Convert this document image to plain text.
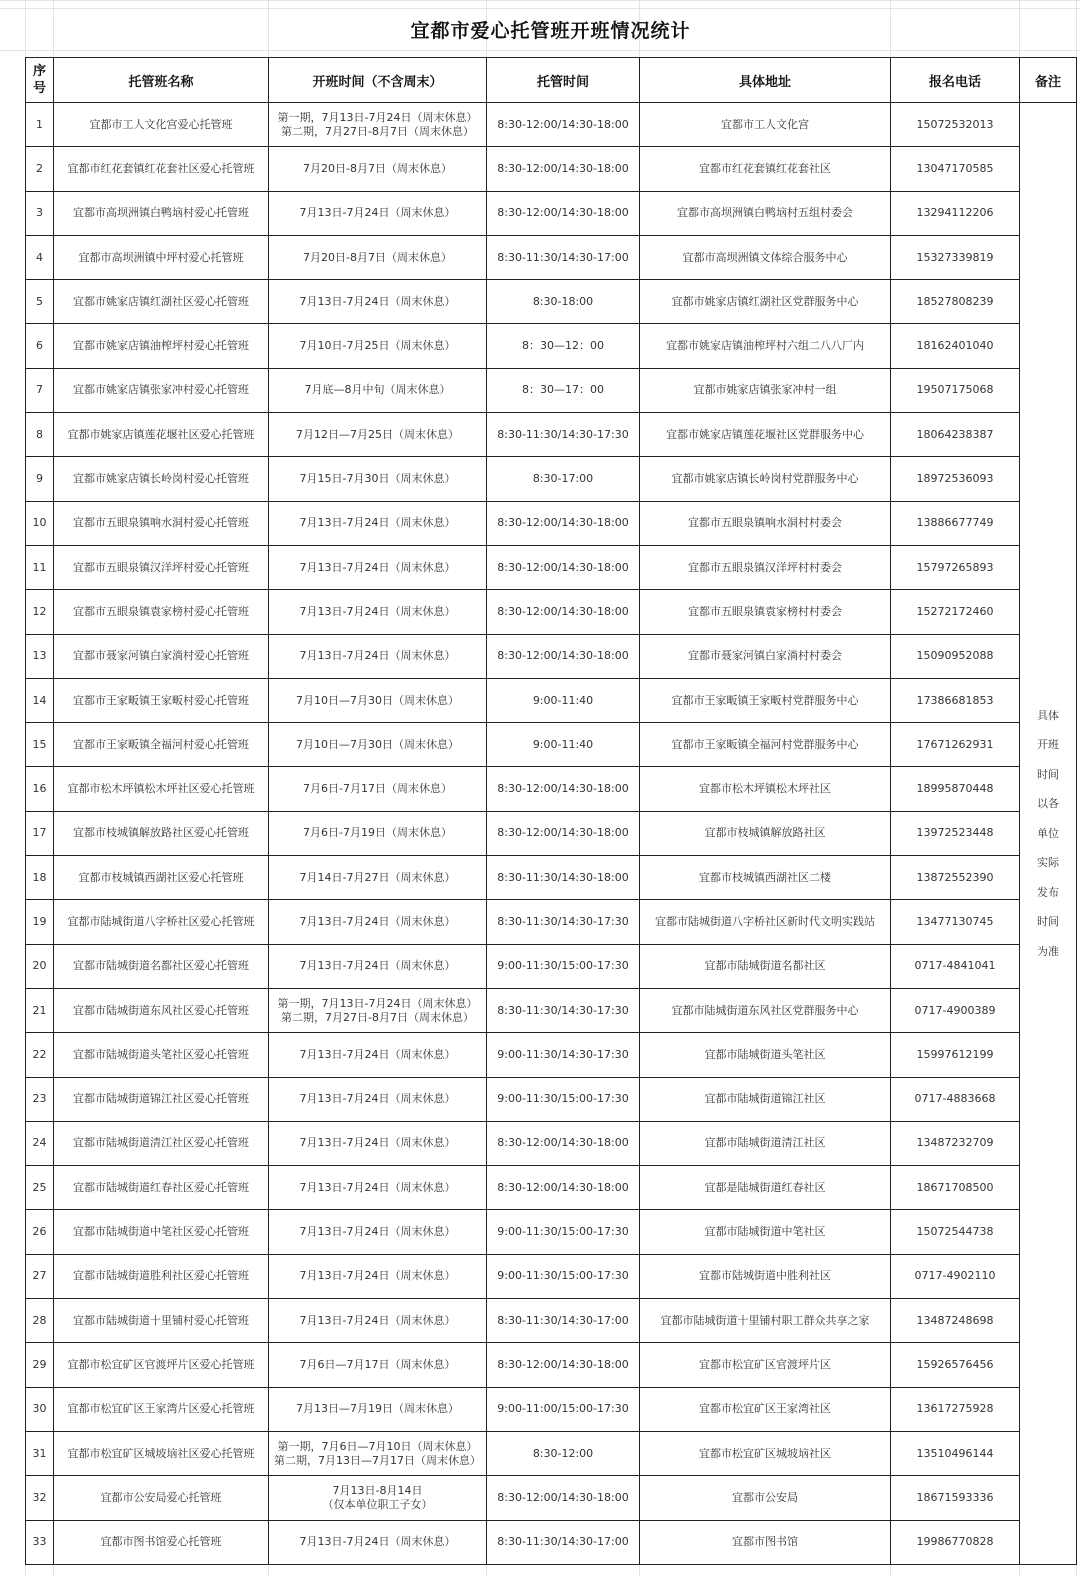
宜都市爱心托管班开班情况统计
序号	托管班名称	开班时间（不含周末）	托管时间	具体地址	报名电话	备注
1	宜都市工人文化宫爱心托管班	第一期，7月13日-7月24日（周末休息）
第二期，7月27日-8月7日（周末休息）	8:30-12:00/14:30-18:00	宜都市工人文化宫	15072532013	具体开班时间以各单位实际发布时间为准
2	宜都市红花套镇红花套社区爱心托管班	7月20日-8月7日（周末休息）	8:30-12:00/14:30-18:00	宜都市红花套镇红花套社区	13047170585	
3	宜都市高坝洲镇白鸭垴村爱心托管班	7月13日-7月24日（周末休息）	8:30-12:00/14:30-18:00	宜都市高坝洲镇白鸭垴村五组村委会	13294112206	
4	宜都市高坝洲镇中坪村爱心托管班	7月20日-8月7日（周末休息）	8:30-11:30/14:30-17:00	宜都市高坝洲镇文体综合服务中心	15327339819	
5	宜都市姚家店镇红湖社区爱心托管班	7月13日-7月24日（周末休息）	8:30-18:00	宜都市姚家店镇红湖社区党群服务中心	18527808239	
6	宜都市姚家店镇油榨坪村爱心托管班	7月10日-7月25日（周末休息）	8：30—12：00	宜都市姚家店镇油榨坪村六组二八八厂内	18162401040	
7	宜都市姚家店镇张家冲村爱心托管班	7月底—8月中旬（周末休息）	8：30—17：00	宜都市姚家店镇张家冲村一组	19507175068	
8	宜都市姚家店镇莲花堰社区爱心托管班	7月12日—7月25日（周末休息）	8:30-11:30/14:30-17:30	宜都市姚家店镇莲花堰社区党群服务中心	18064238387	
9	宜都市姚家店镇长岭岗村爱心托管班	7月15日-7月30日（周末休息）	8:30-17:00	宜都市姚家店镇长岭岗村党群服务中心	18972536093	
10	宜都市五眼泉镇响水洞村爱心托管班	7月13日-7月24日（周末休息）	8:30-12:00/14:30-18:00	宜都市五眼泉镇响水洞村村委会	13886677749	
11	宜都市五眼泉镇汉洋坪村爱心托管班	7月13日-7月24日（周末休息）	8:30-12:00/14:30-18:00	宜都市五眼泉镇汉洋坪村村委会	15797265893	
12	宜都市五眼泉镇袁家榜村爱心托管班	7月13日-7月24日（周末休息）	8:30-12:00/14:30-18:00	宜都市五眼泉镇袁家榜村村委会	15272172460	
13	宜都市聂家河镇白家淌村爱心托管班	7月13日-7月24日（周末休息）	8:30-12:00/14:30-18:00	宜都市聂家河镇白家淌村村委会	15090952088	
14	宜都市王家畈镇王家畈村爱心托管班	7月10日—7月30日（周末休息）	9:00-11:40	宜都市王家畈镇王家畈村党群服务中心	17386681853	
15	宜都市王家畈镇全福河村爱心托管班	7月10日—7月30日（周末休息）	9:00-11:40	宜都市王家畈镇全福河村党群服务中心	17671262931	
16	宜都市松木坪镇松木坪社区爱心托管班	7月6日-7月17日（周末休息）	8:30-12:00/14:30-18:00	宜都市松木坪镇松木坪社区	18995870448	
17	宜都市枝城镇解放路社区爱心托管班	7月6日-7月19日（周末休息）	8:30-12:00/14:30-18:00	宜都市枝城镇解放路社区	13972523448	
18	宜都市枝城镇西湖社区爱心托管班	7月14日-7月27日（周末休息）	8:30-11:30/14:30-18:00	宜都市枝城镇西湖社区二楼	13872552390	
19	宜都市陆城街道八字桥社区爱心托管班	7月13日-7月24日（周末休息）	8:30-11:30/14:30-17:30	宜都市陆城街道八字桥社区新时代文明实践站	13477130745	
20	宜都市陆城街道名都社区爱心托管班	7月13日-7月24日（周末休息）	9:00-11:30/15:00-17:30	宜都市陆城街道名都社区	0717-4841041	
21	宜都市陆城街道东风社区爱心托管班	第一期，7月13日-7月24日（周末休息）
第二期，7月27日-8月7日（周末休息）	8:30-11:30/14:30-17:30	宜都市陆城街道东风社区党群服务中心	0717-4900389	
22	宜都市陆城街道头笔社区爱心托管班	7月13日-7月24日（周末休息）	9:00-11:30/14:30-17:30	宜都市陆城街道头笔社区	15997612199	
23	宜都市陆城街道锦江社区爱心托管班	7月13日-7月24日（周末休息）	9:00-11:30/15:00-17:30	宜都市陆城街道锦江社区	0717-4883668	
24	宜都市陆城街道清江社区爱心托管班	7月13日-7月24日（周末休息）	8:30-12:00/14:30-18:00	宜都市陆城街道清江社区	13487232709	
25	宜都市陆城街道红春社区爱心托管班	7月13日-7月24日（周末休息）	8:30-12:00/14:30-18:00	宜都是陆城街道红春社区	18671708500	
26	宜都市陆城街道中笔社区爱心托管班	7月13日-7月24日（周末休息）	9:00-11:30/15:00-17:30	宜都市陆城街道中笔社区	15072544738	
27	宜都市陆城街道胜利社区爱心托管班	7月13日-7月24日（周末休息）	9:00-11:30/15:00-17:30	宜都市陆城街道中胜利社区	0717-4902110	
28	宜都市陆城街道十里铺村爱心托管班	7月13日-7月24日（周末休息）	8:30-11:30/14:30-17:00	宜都市陆城街道十里铺村职工群众共享之家	13487248698	
29	宜都市松宜矿区官渡坪片区爱心托管班	7月6日—7月17日（周末休息）	8:30-12:00/14:30-18:00	宜都市松宜矿区官渡坪片区	15926576456	
30	宜都市松宜矿区王家湾片区爱心托管班	7月13日—7月19日（周末休息）	9:00-11:00/15:00-17:30	宜都市松宜矿区王家湾社区	13617275928	
31	宜都市松宜矿区城坡垴社区爱心托管班	第一期，7月6日—7月10日（周末休息）
第二期，7月13日—7月17日（周末休息）	8:30-12:00	宜都市松宜矿区城坡垴社区	13510496144	
32	宜都市公安局爱心托管班	7月13日-8月14日
（仅本单位职工子女）	8:30-12:00/14:30-18:00	宜都市公安局	18671593336	
33	宜都市图书馆爱心托管班	7月13日-7月24日（周末休息）	8:30-11:30/14:30-17:00	宜都市图书馆	19986770828	
